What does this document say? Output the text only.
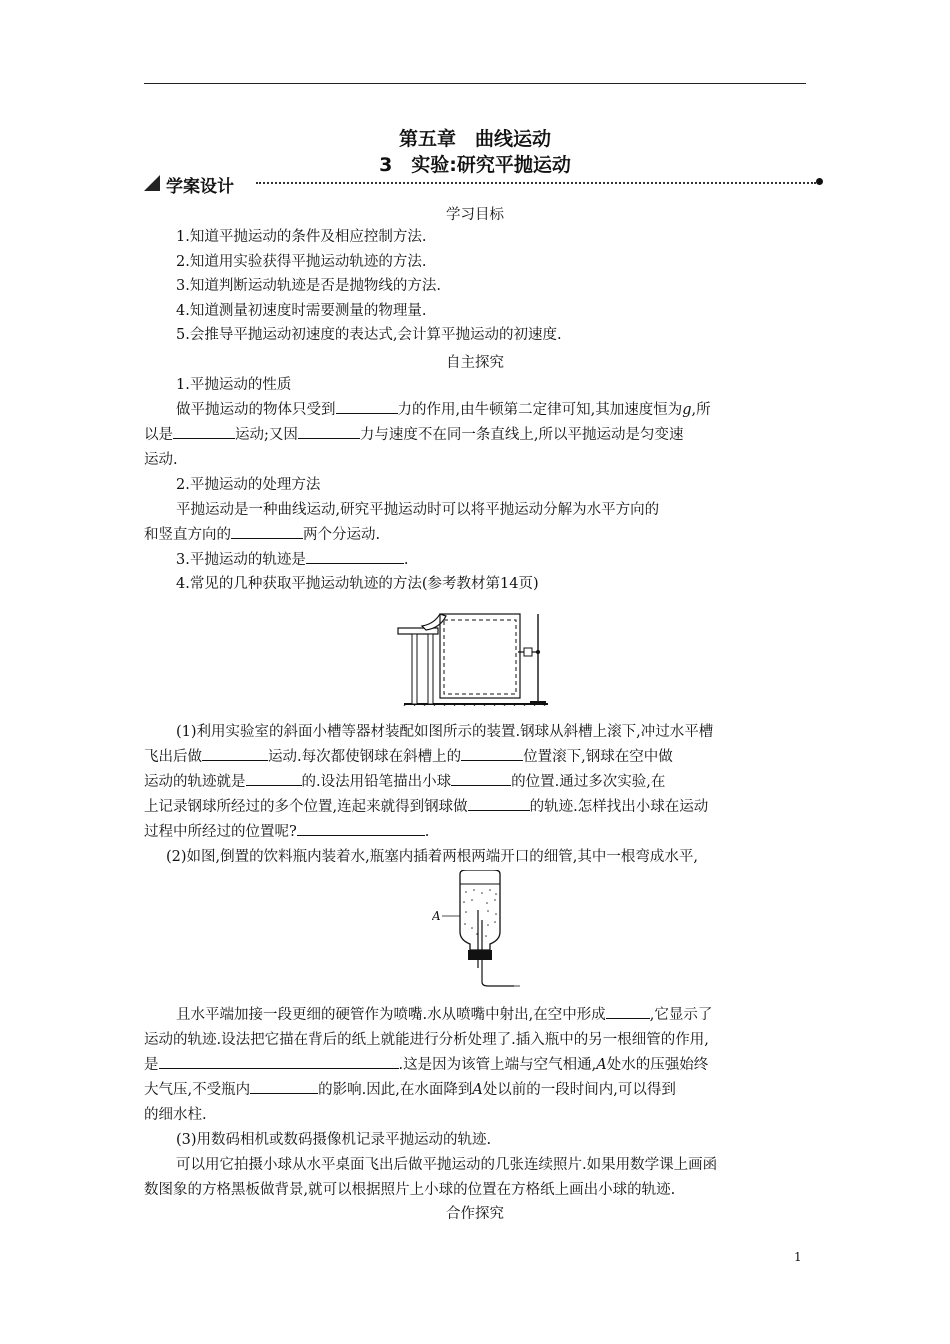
第五章　曲线运动
3　实验:研究平抛运动
学案设计
学习目标
1.知道平抛运动的条件及相应控制方法.
2.知道用实验获得平抛运动轨迹的方法.
3.知道判断运动轨迹是否是抛物线的方法.
4.知道测量初速度时需要测量的物理量.
5.会推导平抛运动初速度的表达式,会计算平抛运动的初速度.
自主探究
1.平抛运动的性质
做平抛运动的物体只受到	力的作用,由牛顿第二定律可知,其加速度恒为g,所
以是	运动;又因	力与速度不在同一条直线上,所以平抛运动是匀变速
运动.
2.平抛运动的处理方法
平抛运动是一种曲线运动,研究平抛运动时可以将平抛运动分解为水平方向的
和竖直方向的	两个分运动.
3.平抛运动的轨迹是	.
4.常见的几种获取平抛运动轨迹的方法(参考教材第14页)
(1)利用实验室的斜面小槽等器材装配如图所示的装置.钢球从斜槽上滚下,冲过水平槽
飞出后做	运动.每次都使钢球在斜槽上的	位置滚下,钢球在空中做
运动的轨迹就是	的.设法用铅笔描出小球	的位置.通过多次实验,在
上记录钢球所经过的多个位置,连起来就得到钢球做	的轨迹.怎样找出小球在运动
过程中所经过的位置呢?	.
(2)如图,倒置的饮料瓶内装着水,瓶塞内插着两根两端开口的细管,其中一根弯成水平,
A
且水平端加接一段更细的硬管作为喷嘴.水从喷嘴中射出,在空中形成	,它显示了
运动的轨迹.设法把它描在背后的纸上就能进行分析处理了.插入瓶中的另一根细管的作用,
是	.这是因为该管上端与空气相通,A处水的压强始终
大气压,不受瓶内	的影响.因此,在水面降到A处以前的一段时间内,可以得到
的细水柱.
(3)用数码相机或数码摄像机记录平抛运动的轨迹.
可以用它拍摄小球从水平桌面飞出后做平抛运动的几张连续照片.如果用数学课上画函
数图象的方格黑板做背景,就可以根据照片上小球的位置在方格纸上画出小球的轨迹.
合作探究
1
